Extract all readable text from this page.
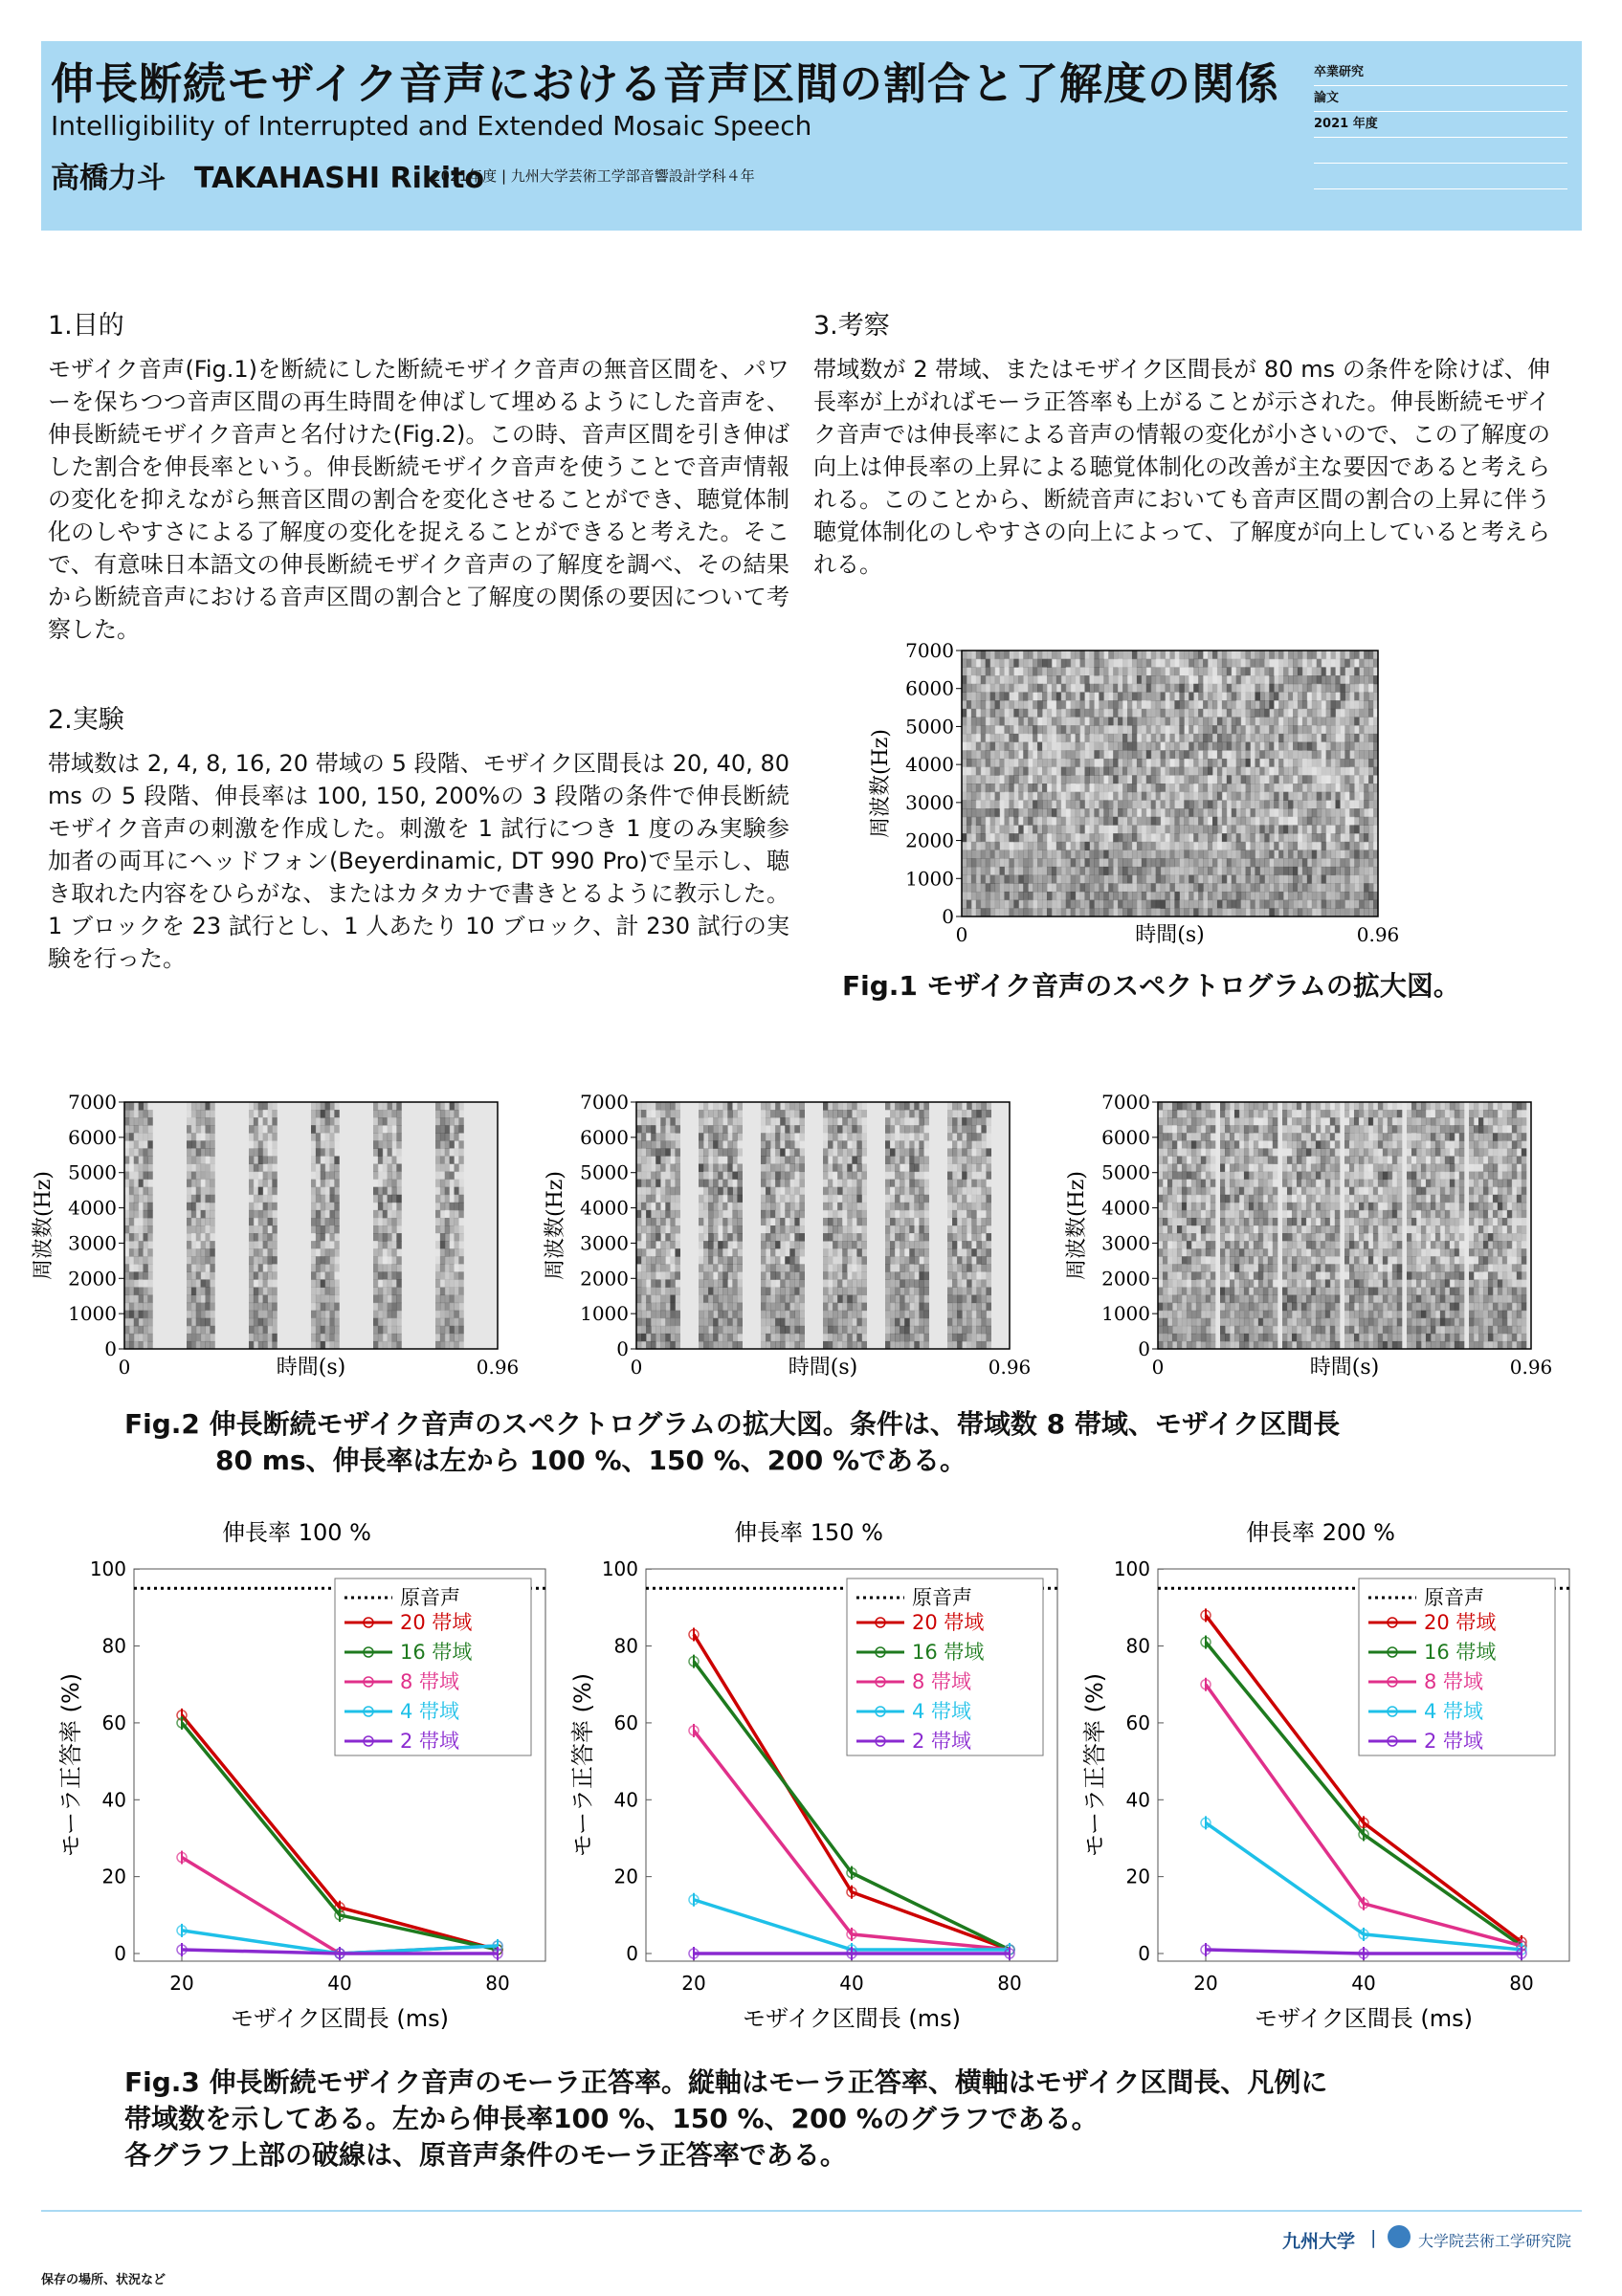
伸長断続モザイク音声における音声区間の割合と了解度の関係
Intelligibility of Interrupted and Extended Mosaic Speech
高橋力斗　TAKAHASHI Rikito
2021年度 | 九州大学芸術工学部音響設計学科４年
卒業研究
論文
2021 年度
1.目的

モザイク音声(Fig.1)を断続にした断続モザイク音声の無音区間を、パワーを保ちつつ音声区間の再生時間を伸ばして埋めるようにした音声を、伸長断続モザイク音声と名付けた(Fig.2)。この時、音声区間を引き伸ばした割合を伸長率という。伸長断続モザイク音声を使うことで音声情報の変化を抑えながら無音区間の割合を変化させることができ、聴覚体制化のしやすさによる了解度の変化を捉えることができると考えた。そこで、有意味日本語文の伸長断続モザイク音声の了解度を調べ、その結果から断続音声における音声区間の割合と了解度の関係の要因について考察した。

2.実験

帯域数は 2, 4, 8, 16, 20 帯域の 5 段階、モザイク区間長は 20, 40, 80 ms の 5 段階、伸長率は 100, 150, 200%の 3 段階の条件で伸長断続モザイク音声の刺激を作成した。刺激を 1 試行につき 1 度のみ実験参加者の両耳にヘッドフォン(Beyerdinamic, DT 990 Pro)で呈示し、聴き取れた内容をひらがな、またはカタカナで書きとるように教示した。1 ブロックを 23 試行とし、1 人あたり 10 ブロック、計 230 試行の実験を行った。

3.考察

帯域数が 2 帯域、またはモザイク区間長が 80 ms の条件を除けば、伸長率が上がればモーラ正答率も上がることが示された。伸長断続モザイク音声では伸長率による音声の情報の変化が小さいので、この了解度の向上は伸長率の上昇による聴覚体制化の改善が主な要因であると考えられる。このことから、断続音声においても音声区間の割合の上昇に伴う聴覚体制化のしやすさの向上によって、了解度が向上していると考えられる。

7000
6000
5000
4000
3000
2000
1000
0
周波数(Hz)
0	0.96
時間(s)
Fig.1 モザイク音声のスペクトログラムの拡大図。
7000
6000
5000
4000
3000
2000
1000
0
周波数(Hz)
0	0.96
時間(s)
7000
6000
5000
4000
3000
2000
1000
0
周波数(Hz)
0	0.96
時間(s)
7000
6000
5000
4000
3000
2000
1000
0
周波数(Hz)
0	0.96
時間(s)
Fig.2 伸長断続モザイク音声のスペクトログラムの拡大図。条件は、帯域数 8 帯域、モザイク区間長
80 ms、伸長率は左から 100 %、150 %、200 %である。
伸長率 100 %
0
20
40
60
80
100
20	40	80
モザイク区間長 (ms)
モーラ正答率 (%)
原音声
20 帯域
16 帯域
8 帯域
4 帯域
2 帯域
伸長率 150 %
0
20
40
60
80
100
20	40	80
モザイク区間長 (ms)
モーラ正答率 (%)
原音声
20 帯域
16 帯域
8 帯域
4 帯域
2 帯域
伸長率 200 %
0
20
40
60
80
100
20	40	80
モザイク区間長 (ms)
モーラ正答率 (%)
原音声
20 帯域
16 帯域
8 帯域
4 帯域
2 帯域
Fig.3 伸長断続モザイク音声のモーラ正答率。縦軸はモーラ正答率、横軸はモザイク区間長、凡例に
帯域数を示してある。左から伸長率100 %、150 %、200 %のグラフである。
各グラフ上部の破線は、原音声条件のモーラ正答率である。
九州大学 |	大学院芸術工学研究院
保存の場所、状況など
